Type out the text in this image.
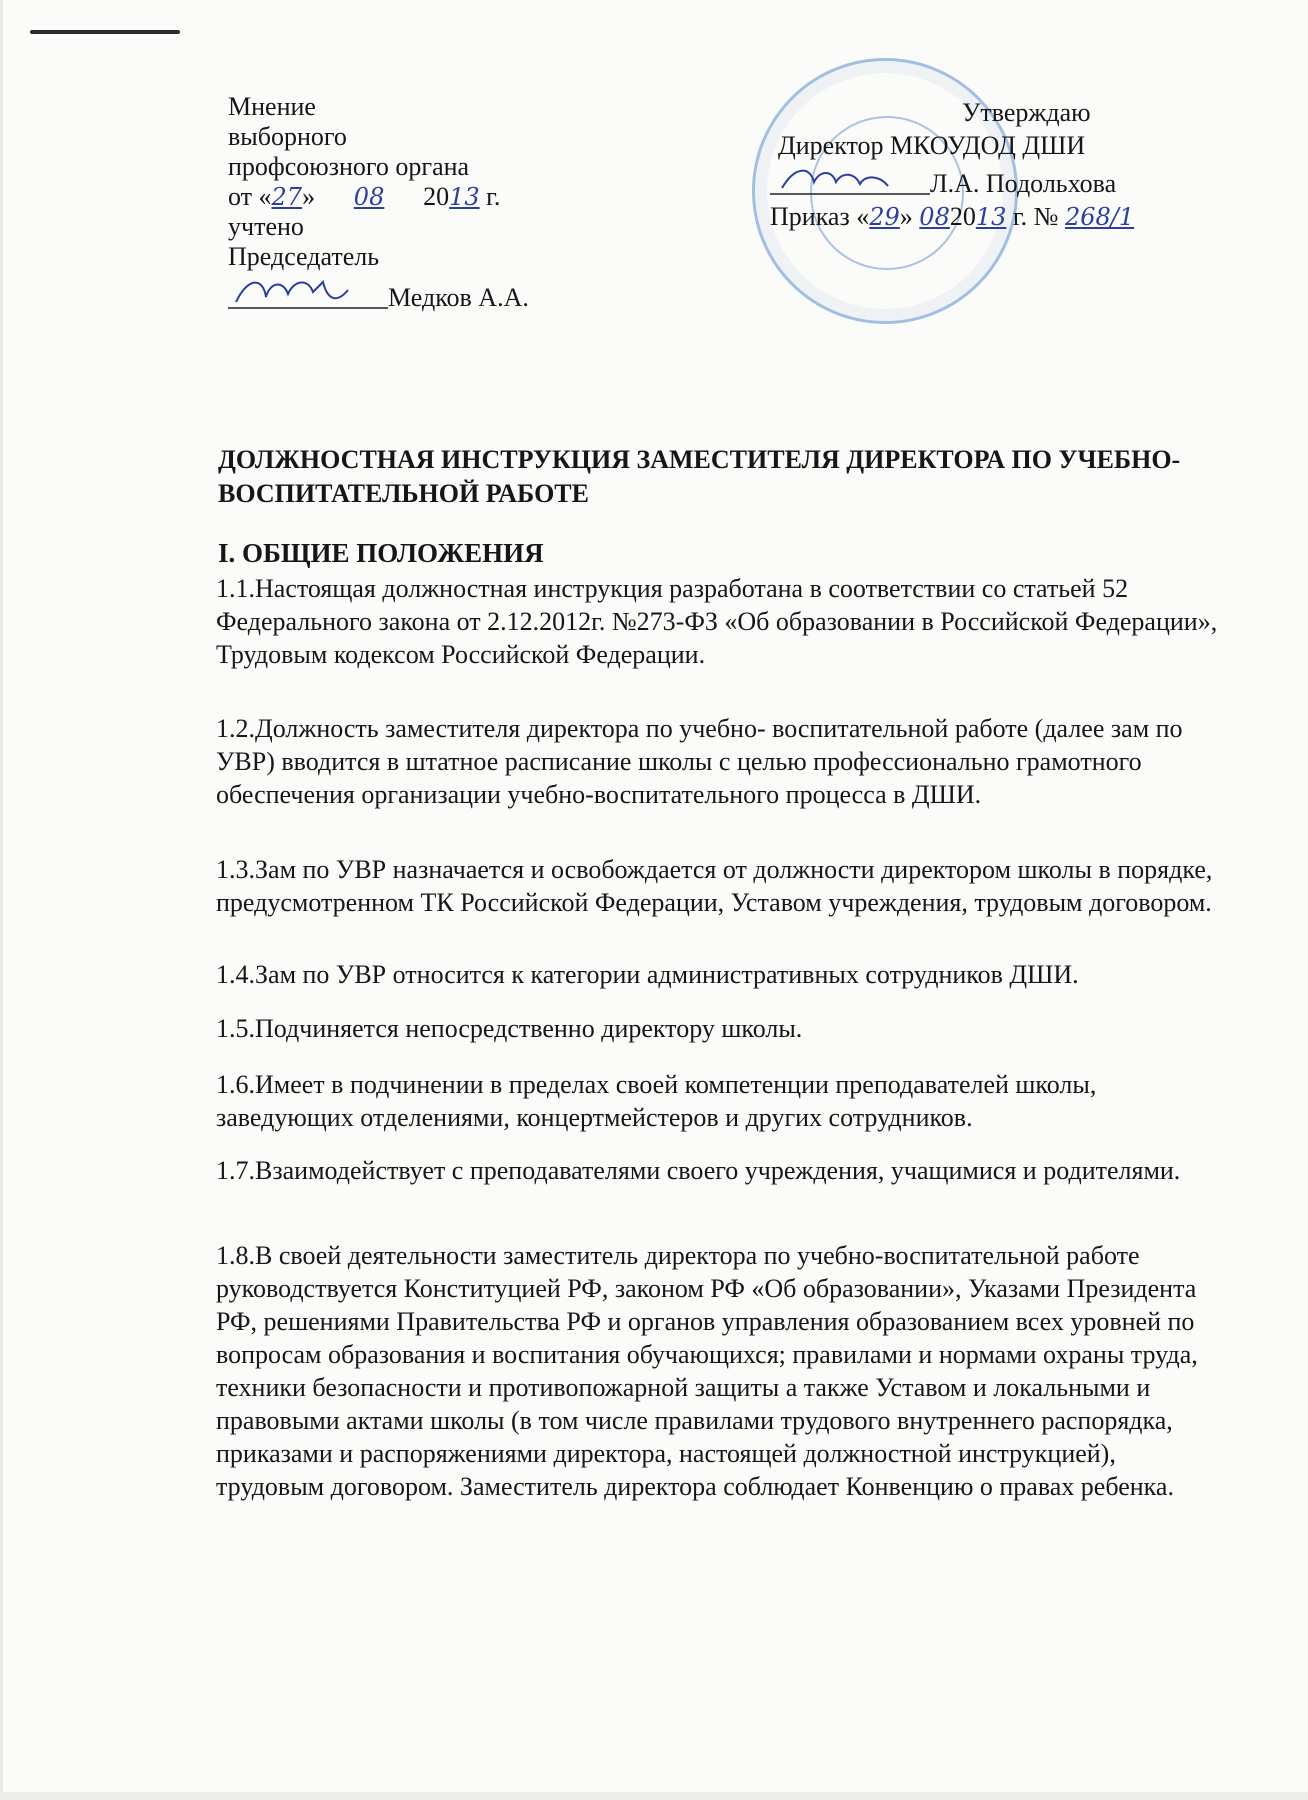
Мнение
выборного
профсоюзного органа
от «27» 08 2013 г.
учтено
Председатель
Медков А.А.
Утверждаю
Директор МКОУДОД ДШИ
Л.А. Подольхова
Приказ «29» 082013 г. № 268/1
ДОЛЖНОСТНАЯ ИНСТРУКЦИЯ ЗАМЕСТИТЕЛЯ ДИРЕКТОРА ПО УЧЕБНО-ВОСПИТАТЕЛЬНОЙ РАБОТЕ
I. ОБЩИЕ ПОЛОЖЕНИЯ
1.1.Настоящая должностная инструкция разработана в соответствии со статьей 52 Федерального закона от 2.12.2012г. №273-ФЗ «Об образовании в Российской Федерации», Трудовым кодексом Российской Федерации.
1.2.Должность заместителя директора по учебно- воспитательной работе (далее зам по УВР) вводится в штатное расписание школы с целью профессионально грамотного обеспечения организации учебно-воспитательного процесса в ДШИ.
1.3.Зам по УВР назначается и освобождается от должности директором школы в порядке, предусмотренном ТК Российской Федерации, Уставом учреждения, трудовым договором.
1.4.Зам по УВР относится к категории административных сотрудников ДШИ.
1.5.Подчиняется непосредственно директору школы.
1.6.Имеет в подчинении в пределах своей компетенции преподавателей школы, заведующих отделениями, концертмейстеров и других сотрудников.
1.7.Взаимодействует с преподавателями своего учреждения, учащимися и родителями.
1.8.В своей деятельности заместитель директора по учебно-воспитательной работе руководствуется Конституцией РФ, законом РФ «Об образовании», Указами Президента РФ, решениями Правительства РФ и органов управления образованием всех уровней по вопросам образования и воспитания обучающихся; правилами и нормами охраны труда, техники безопасности и противопожарной защиты а также Уставом и локальными и правовыми актами школы (в том числе правилами трудового внутреннего распорядка, приказами и распоряжениями директора, настоящей должностной инструкцией), трудовым договором. Заместитель директора соблюдает Конвенцию о правах ребенка.
